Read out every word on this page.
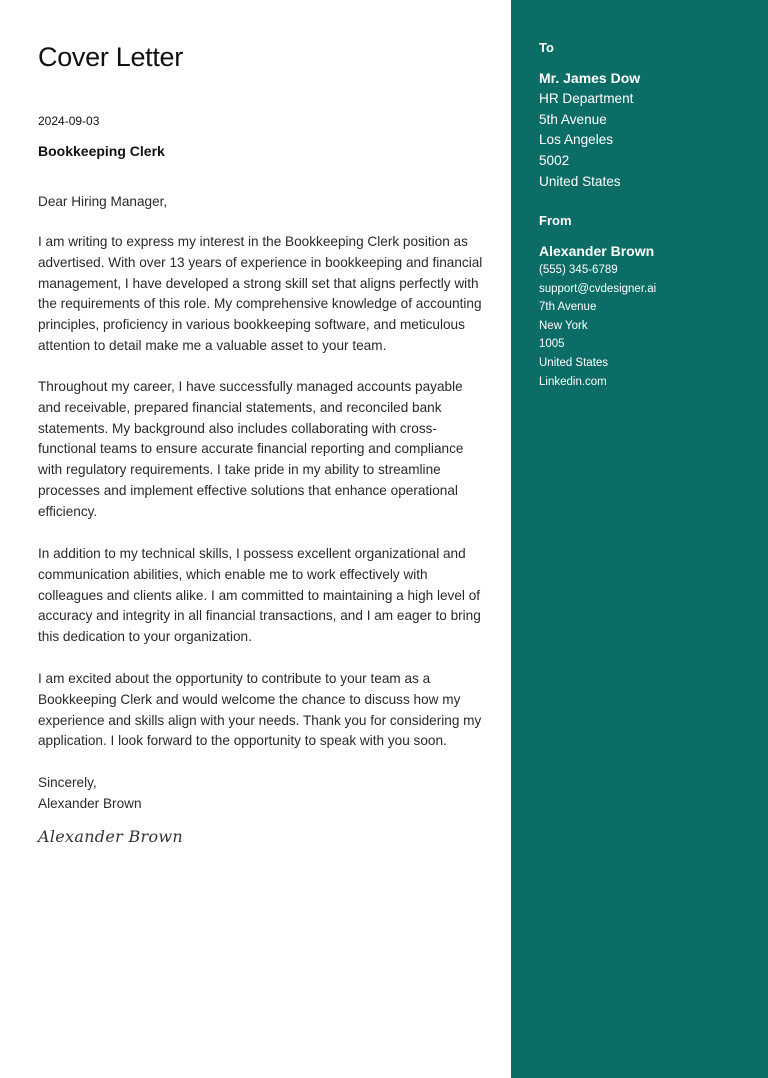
Cover Letter
2024-09-03
Bookkeeping Clerk

Dear Hiring Manager,

I am writing to express my interest in the Bookkeeping Clerk position as advertised. With over 13 years of experience in bookkeeping and financial management, I have developed a strong skill set that aligns perfectly with the requirements of this role. My comprehensive knowledge of accounting principles, proficiency in various bookkeeping software, and meticulous attention to detail make me a valuable asset to your team.

Throughout my career, I have successfully managed accounts payable and receivable, prepared financial statements, and reconciled bank statements. My background also includes collaborating with cross-functional teams to ensure accurate financial reporting and compliance with regulatory requirements. I take pride in my ability to streamline processes and implement effective solutions that enhance operational efficiency.

In addition to my technical skills, I possess excellent organizational and communication abilities, which enable me to work effectively with colleagues and clients alike. I am committed to maintaining a high level of accuracy and integrity in all financial transactions, and I am eager to bring this dedication to your organization.

I am excited about the opportunity to contribute to your team as a Bookkeeping Clerk and would welcome the chance to discuss how my experience and skills align with your needs. Thank you for considering my application. I look forward to the opportunity to speak with you soon.

Sincerely,
Alexander Brown
Alexander Brown
To
Mr. James Dow
HR Department
5th Avenue
Los Angeles
5002
United States
From
Alexander Brown
(555) 345-6789
support@cvdesigner.ai
7th Avenue
New York
1005
United States
Linkedin.com
